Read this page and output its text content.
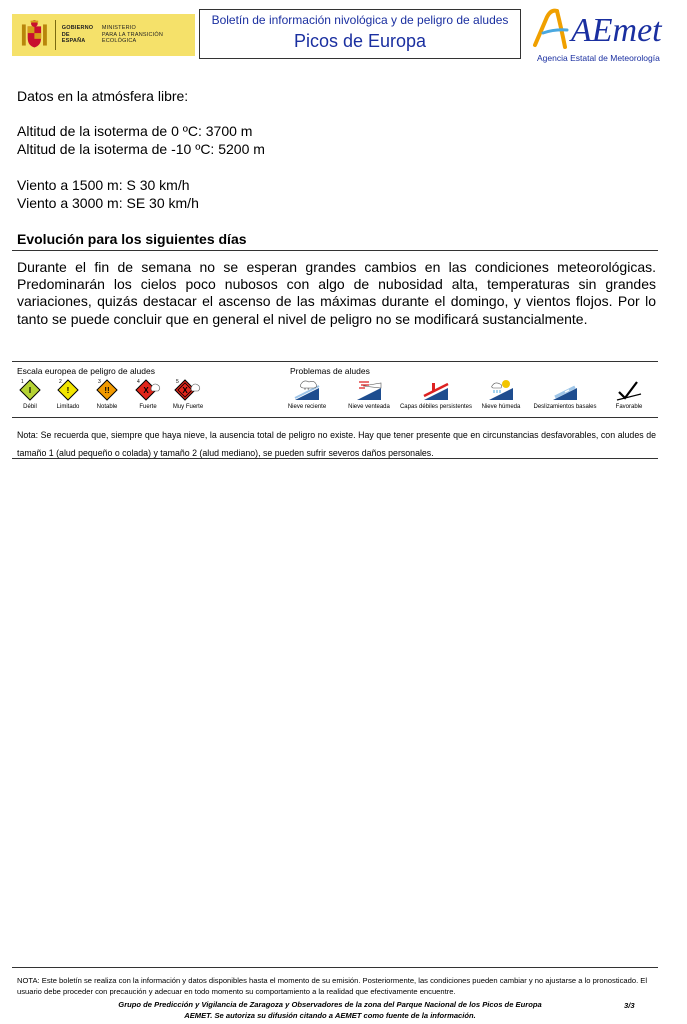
GOBIERNO
DE ESPAÑA
MINISTERIO
PARA LA TRANSICIÓN ECOLÓGICA
Boletín de información nivológica y de peligro de aludes
Picos de Europa	AEmet
Agencia Estatal de Meteorología
Datos en la atmósfera libre:
Altitud de la isoterma de 0 ºC: 3700 m
Altitud de la isoterma de -10 ºC: 5200 m
Viento a 1500 m: S 30 km/h
Viento a 3000 m: SE 30 km/h
Evolución para los siguientes días
Durante el fin de semana no se esperan grandes cambios en las condiciones meteorológicas. Predominarán los cielos poco nubosos con algo de nubosidad alta, temperaturas sin grandes variaciones, quizás destacar el ascenso de las máximas durante el domingo, y vientos flojos. Por lo tanto se puede concluir que en general el nivel de peligro no se modificará sustancialmente.
Escala europea de peligro de aludes
I
1
Débil
!
2
Limitado
!!
3
Notable
X
4
Fuerte
X
5
Muy Fuerte
Problemas de aludes
* *
Nieve reciente	Nieve venteada	Capas débiles persistentes	Nieve húmeda	Deslizamientos basales	Favorable
Nota: Se recuerda que, siempre que haya nieve, la ausencia total de peligro no existe. Hay que tener presente que en circunstancias desfavorables, con aludes de tamaño 1 (alud pequeño o colada) y tamaño 2 (alud mediano), se pueden sufrir severos daños personales.
NOTA: Este boletín se realiza con la información y datos disponibles hasta el momento de su emisión. Posteriormente, las condiciones pueden cambiar y no ajustarse a lo pronosticado. El usuario debe proceder con precaución y adecuar en todo momento su comportamiento a la realidad que efectivamente encuentre.
Grupo de Predicción y Vigilancia de Zaragoza y Observadores de la zona del Parque Nacional de los Picos de Europa
AEMET. Se autoriza su difusión citando a AEMET como fuente de la información.
3/3
